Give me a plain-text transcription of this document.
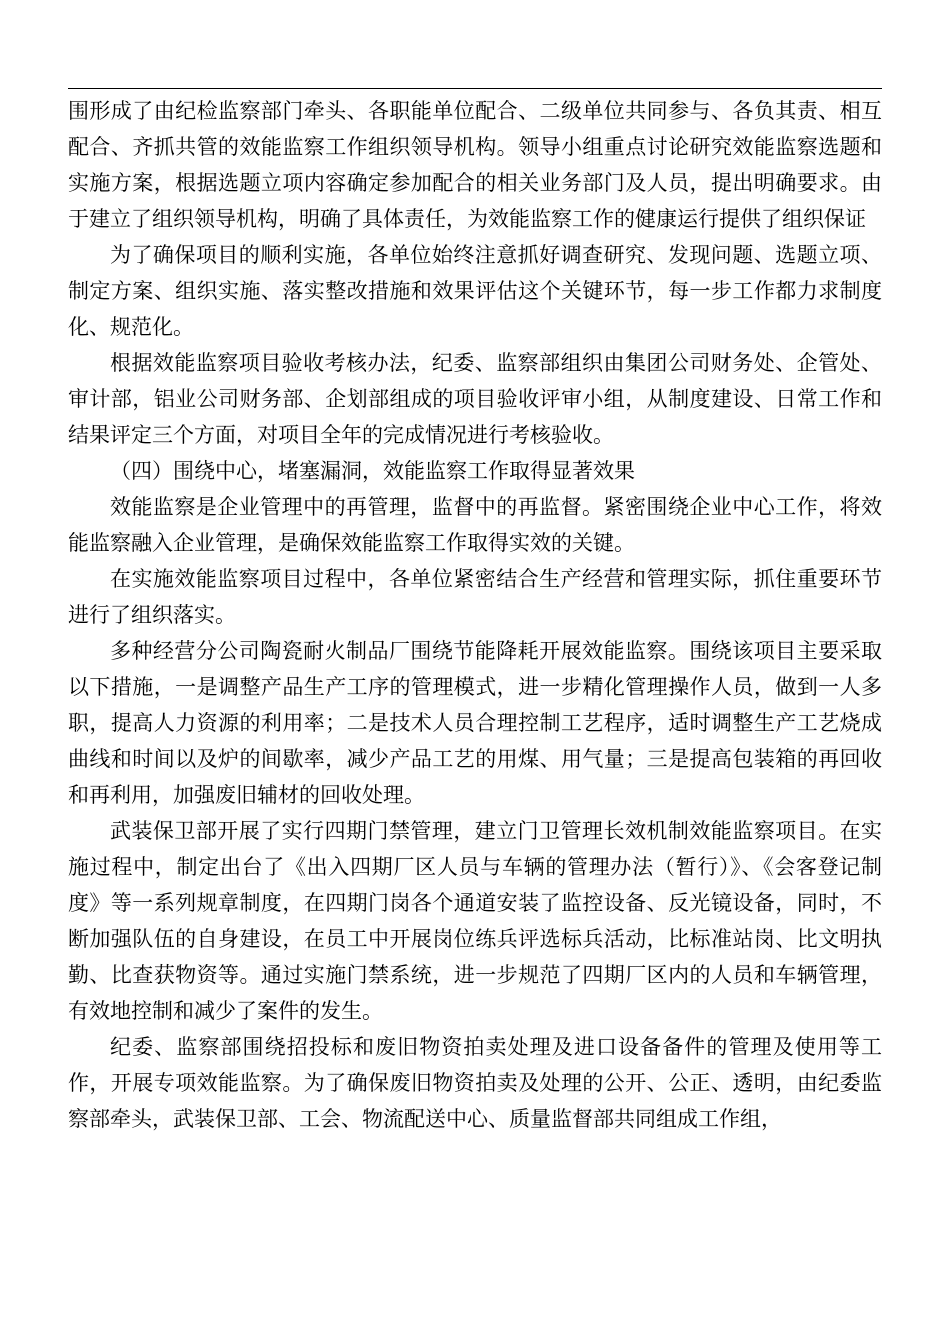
围形成了由纪检监察部门牵头、各职能单位配合、二级单位共同参与、各负其责、相互配合、齐抓共管的效能监察工作组织领导机构。领导小组重点讨论研究效能监察选题和实施方案，根据选题立项内容确定参加配合的相关业务部门及人员，提出明确要求。由于建立了组织领导机构，明确了具体责任，为效能监察工作的健康运行提供了组织保证

为了确保项目的顺利实施，各单位始终注意抓好调查研究、发现问题、选题立项、制定方案、组织实施、落实整改措施和效果评估这个关键环节，每一步工作都力求制度化、规范化。

根据效能监察项目验收考核办法，纪委、监察部组织由集团公司财务处、企管处、审计部，铝业公司财务部、企划部组成的项目验收评审小组，从制度建设、日常工作和结果评定三个方面，对项目全年的完成情况进行考核验收。

（四）围绕中心，堵塞漏洞，效能监察工作取得显著效果

效能监察是企业管理中的再管理，监督中的再监督。紧密围绕企业中心工作，将效能监察融入企业管理，是确保效能监察工作取得实效的关键。

在实施效能监察项目过程中，各单位紧密结合生产经营和管理实际，抓住重要环节进行了组织落实。

多种经营分公司陶瓷耐火制品厂围绕节能降耗开展效能监察。围绕该项目主要采取以下措施，一是调整产品生产工序的管理模式，进一步精化管理操作人员，做到一人多职，提高人力资源的利用率；二是技术人员合理控制工艺程序，适时调整生产工艺烧成曲线和时间以及炉的间歇率，减少产品工艺的用煤、用气量；三是提高包装箱的再回收和再利用，加强废旧辅材的回收处理。

武装保卫部开展了实行四期门禁管理，建立门卫管理长效机制效能监察项目。在实施过程中，制定出台了《出入四期厂区人员与车辆的管理办法（暂行）》、《会客登记制度》等一系列规章制度，在四期门岗各个通道安装了监控设备、反光镜设备，同时，不断加强队伍的自身建设，在员工中开展岗位练兵评选标兵活动，比标准站岗、比文明执勤、比查获物资等。通过实施门禁系统，进一步规范了四期厂区内的人员和车辆管理，有效地控制和减少了案件的发生。

纪委、监察部围绕招投标和废旧物资拍卖处理及进口设备备件的管理及使用等工作，开展专项效能监察。为了确保废旧物资拍卖及处理的公开、公正、透明，由纪委监察部牵头，武装保卫部、工会、物流配送中心、质量监督部共同组成工作组，
